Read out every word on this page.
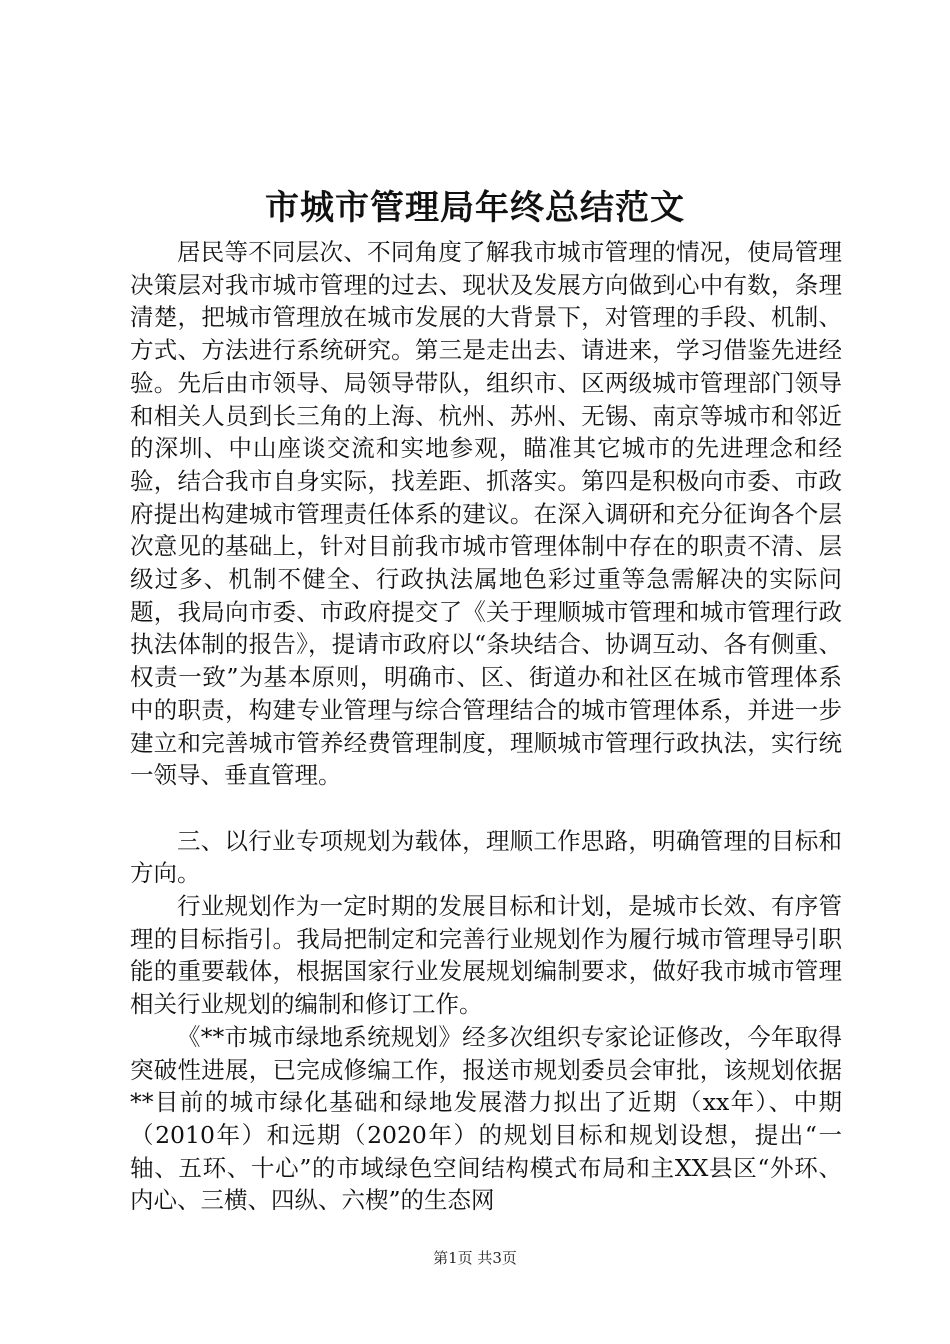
市城市管理局年终总结范文

居民等不同层次、不同角度了解我市城市管理的情况，使局管理决策层对我市城市管理的过去、现状及发展方向做到心中有数，条理清楚，把城市管理放在城市发展的大背景下，对管理的手段、机制、方式、方法进行系统研究。第三是走出去、请进来，学习借鉴先进经验。先后由市领导、局领导带队，组织市、区两级城市管理部门领导和相关人员到长三角的上海、杭州、苏州、无锡、南京等城市和邻近的深圳、中山座谈交流和实地参观，瞄准其它城市的先进理念和经验，结合我市自身实际，找差距、抓落实。第四是积极向市委、市政府提出构建城市管理责任体系的建议。在深入调研和充分征询各个层次意见的基础上，针对目前我市城市管理体制中存在的职责不清、层级过多、机制不健全、行政执法属地色彩过重等急需解决的实际问题，我局向市委、市政府提交了《关于理顺城市管理和城市管理行政执法体制的报告》，提请市政府以“条块结合、协调互动、各有侧重、权责一致”为基本原则，明确市、区、街道办和社区在城市管理体系中的职责，构建专业管理与综合管理结合的城市管理体系，并进一步建立和完善城市管养经费管理制度，理顺城市管理行政执法，实行统一领导、垂直管理。

三、以行业专项规划为载体，理顺工作思路，明确管理的目标和方向。

行业规划作为一定时期的发展目标和计划，是城市长效、有序管理的目标指引。我局把制定和完善行业规划作为履行城市管理导引职能的重要载体，根据国家行业发展规划编制要求，做好我市城市管理相关行业规划的编制和修订工作。

《**市城市绿地系统规划》经多次组织专家论证修改，今年取得突破性进展，已完成修编工作，报送市规划委员会审批，该规划依据**目前的城市绿化基础和绿地发展潜力拟出了近期（xx年）、中期（2010年）和远期（2020年）的规划目标和规划设想，提出“一轴、五环、十心”的市域绿色空间结构模式布局和主XX县区“外环、内心、三横、四纵、六楔”的生态网

第1页 共3页
